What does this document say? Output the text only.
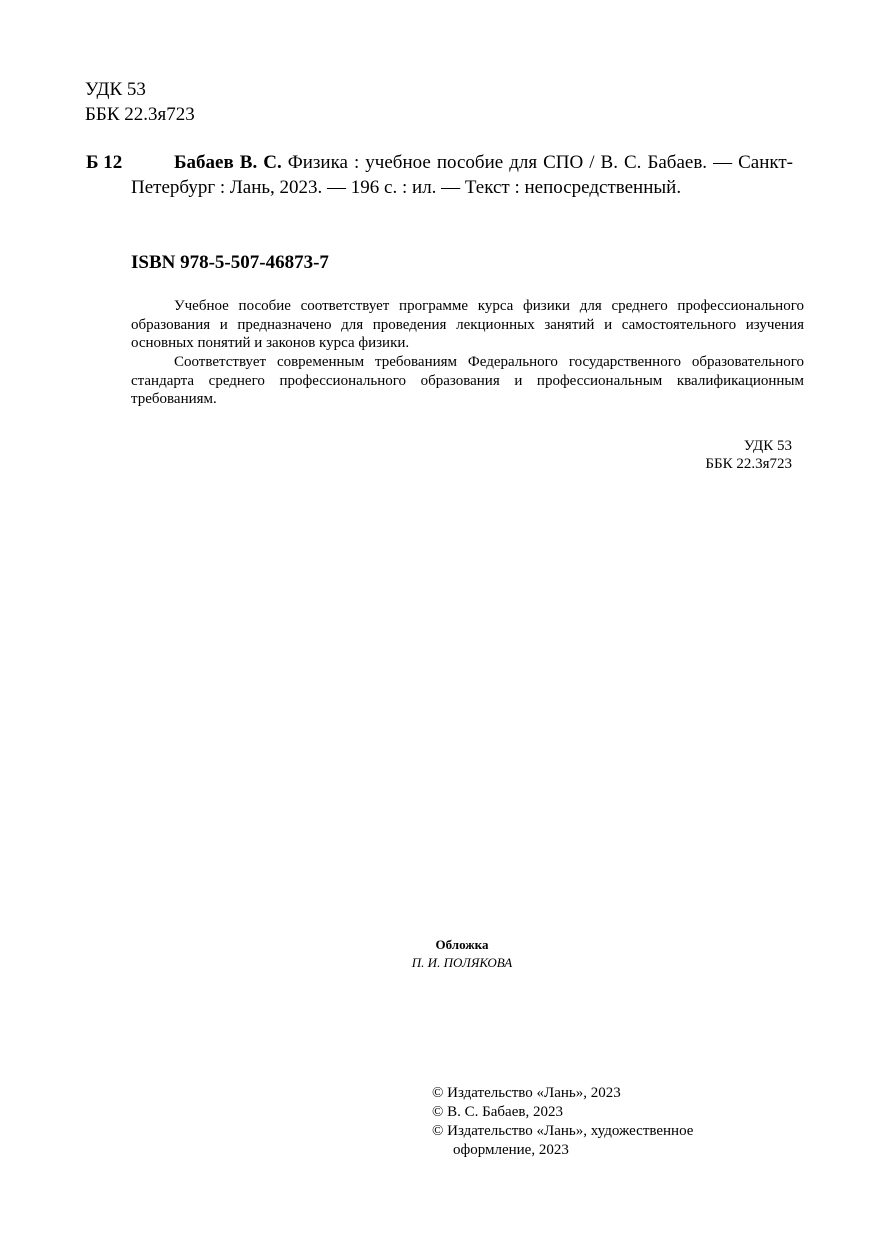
УДК 53
ББК 22.3я723
Б 12	Бабаев В. С. Физика : учебное пособие для СПО / В. С. Бабаев. — Санкт-Петербург : Лань, 2023. — 196 с. : ил. — Текст : непосредственный.
ISBN 978-5-507-46873-7
Учебное пособие соответствует программе курса физики для среднего профессионального образования и предназначено для проведения лекционных занятий и самостоятельного изучения основных понятий и законов курса физики.
Соответствует современным требованиям Федерального государственного образовательного стандарта среднего профессионального образования и профессиональным квалификационным требованиям.
УДК 53
ББК 22.3я723
Обложка
П. И. ПОЛЯКОВА
© Издательство «Лань», 2023
© В. С. Бабаев, 2023
© Издательство «Лань», художественное
оформление, 2023
